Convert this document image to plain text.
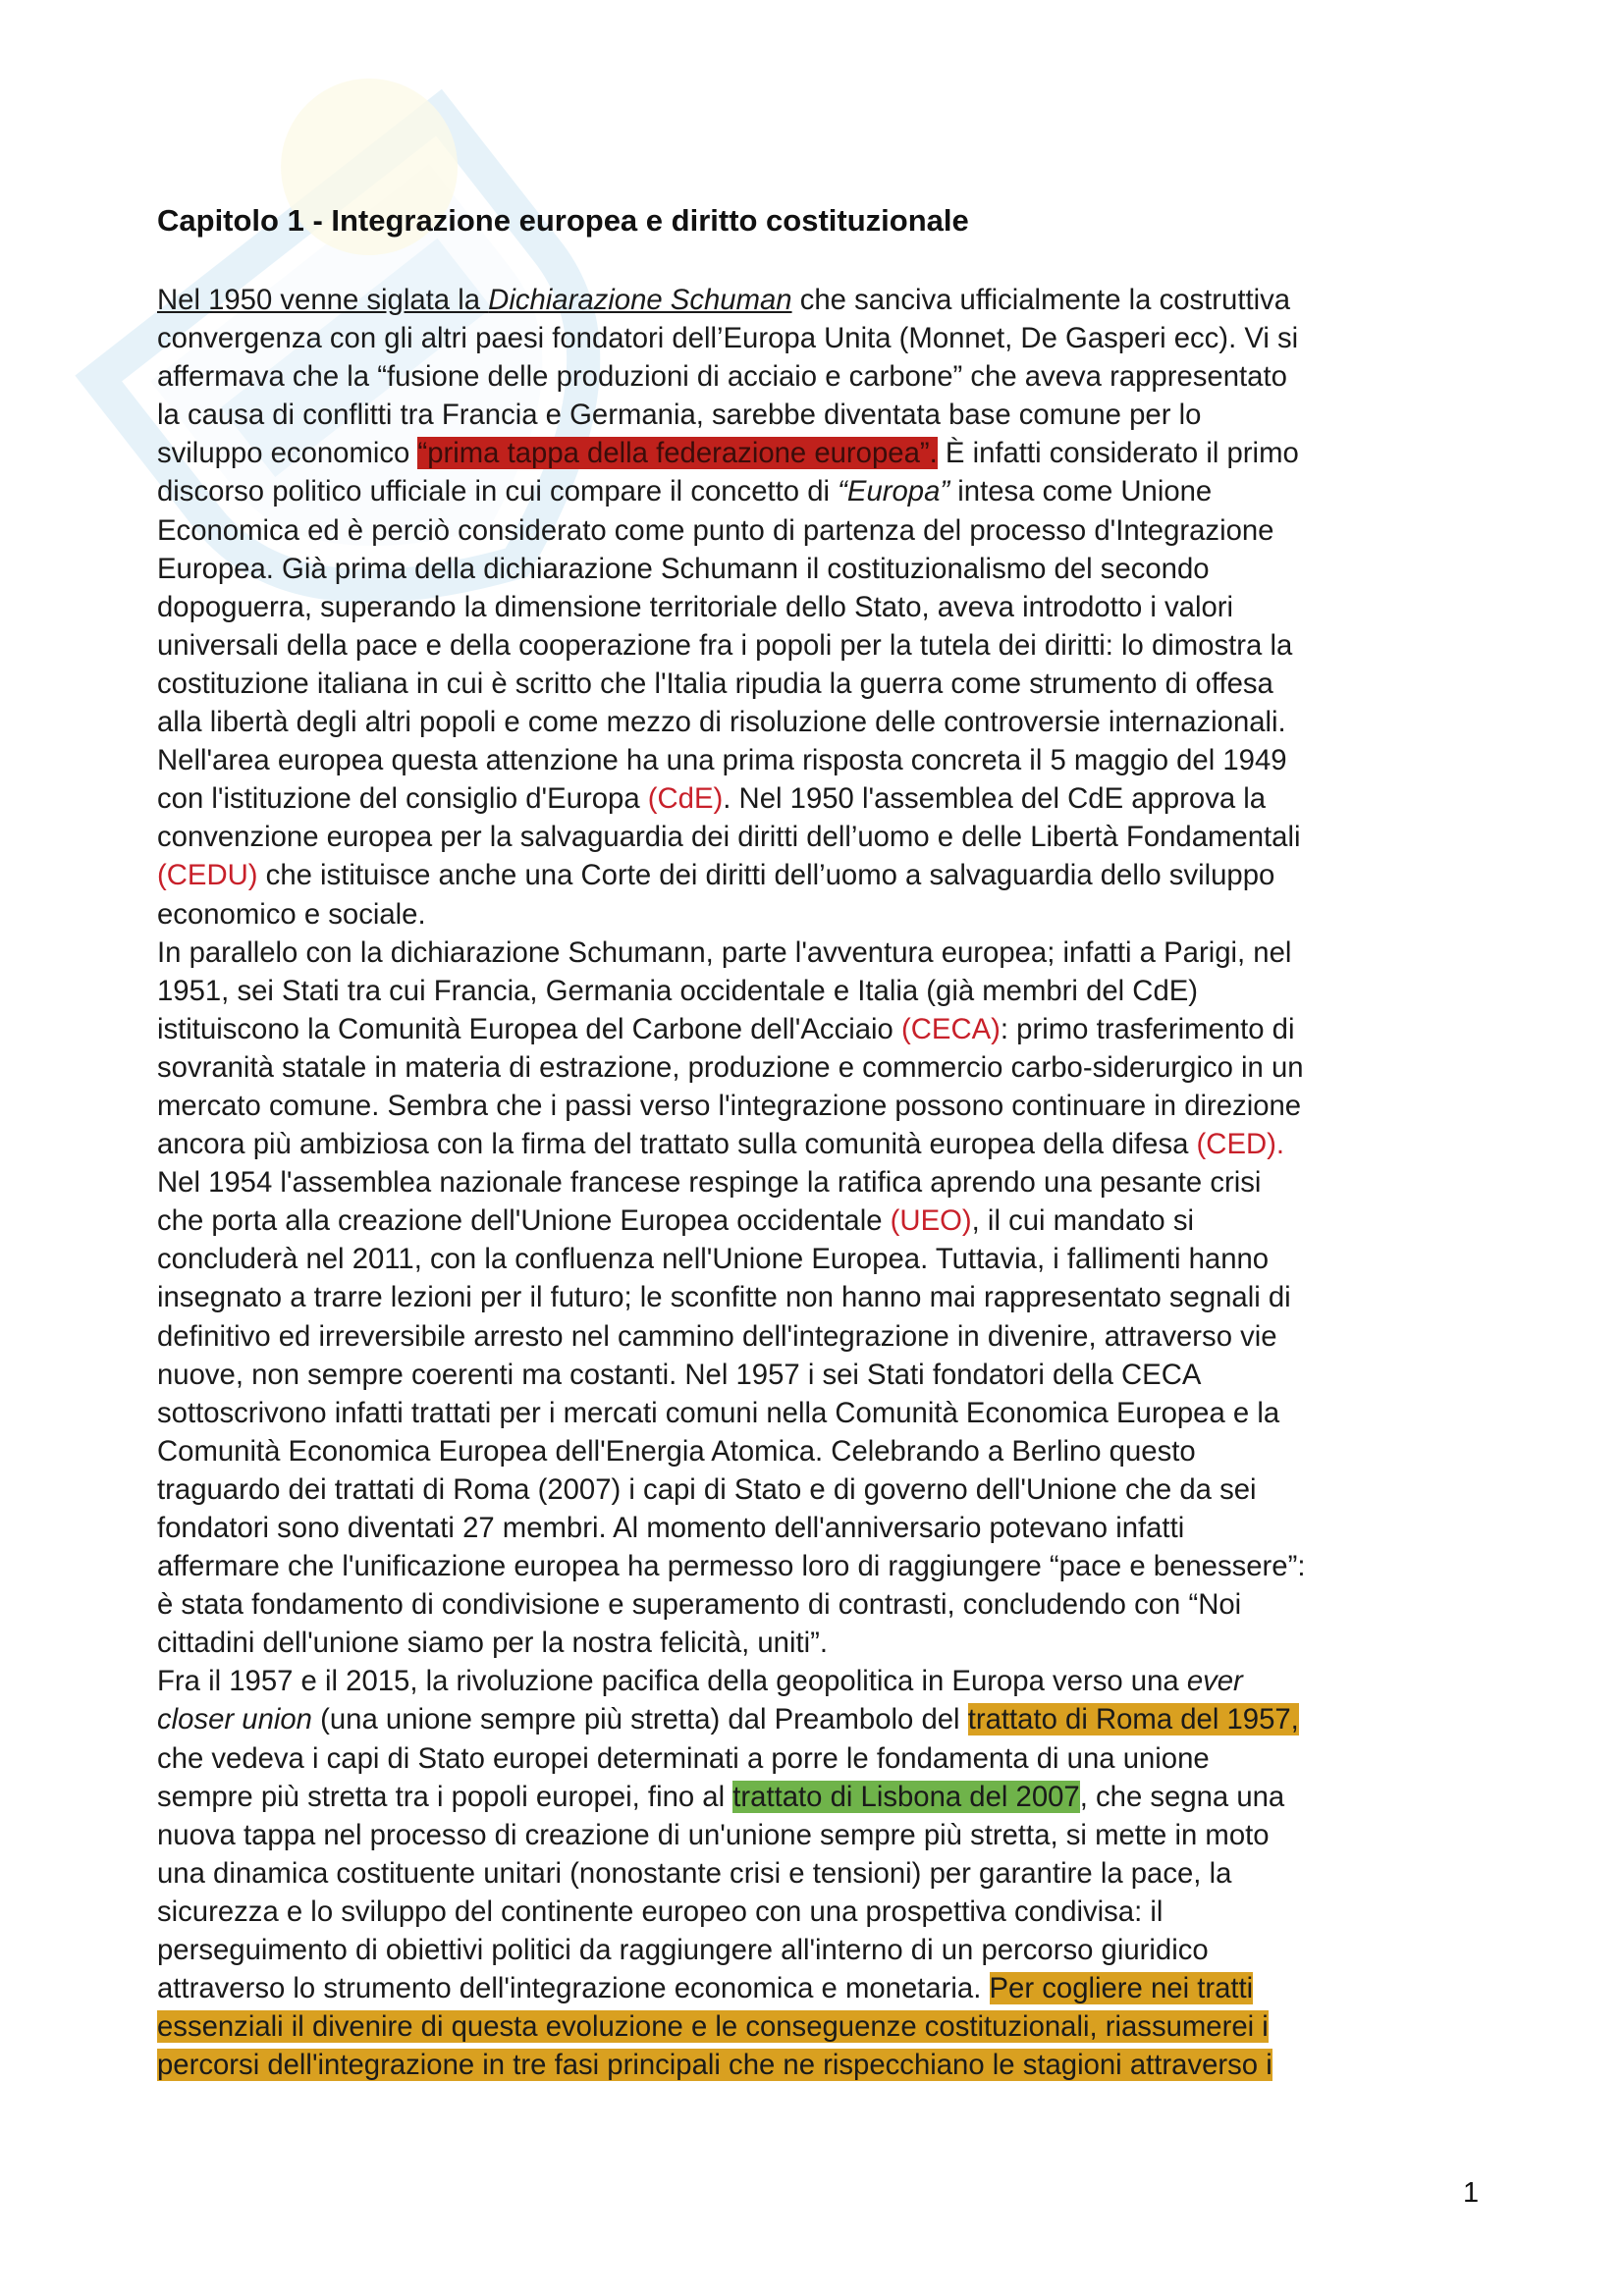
Capitolo 1 - Integrazione europea e diritto costituzionale
Nel 1950 venne siglata la Dichiarazione Schuman che sanciva ufficialmente la costruttiva
convergenza con gli altri paesi fondatori dell’Europa Unita (Monnet, De Gasperi ecc). Vi si
affermava che la “fusione delle produzioni di acciaio e carbone” che aveva rappresentato
la causa di conflitti tra Francia e Germania, sarebbe diventata base comune per lo
sviluppo economico “prima tappa della federazione europea”. È infatti considerato il primo
discorso politico ufficiale in cui compare il concetto di “Europa” intesa come Unione
Economica ed è perciò considerato come punto di partenza del processo d'Integrazione
Europea. Già prima della dichiarazione Schumann il costituzionalismo del secondo
dopoguerra, superando la dimensione territoriale dello Stato, aveva introdotto i valori
universali della pace e della cooperazione fra i popoli per la tutela dei diritti: lo dimostra la
costituzione italiana in cui è scritto che l'Italia ripudia la guerra come strumento di offesa
alla libertà degli altri popoli e come mezzo di risoluzione delle controversie internazionali.
Nell'area europea questa attenzione ha una prima risposta concreta il 5 maggio del 1949
con l'istituzione del consiglio d'Europa (CdE). Nel 1950 l'assemblea del CdE approva la
convenzione europea per la salvaguardia dei diritti dell’uomo e delle Libertà Fondamentali
(CEDU) che istituisce anche una Corte dei diritti dell’uomo a salvaguardia dello sviluppo
economico e sociale.
In parallelo con la dichiarazione Schumann, parte l'avventura europea; infatti a Parigi, nel
1951, sei Stati tra cui Francia, Germania occidentale e Italia (già membri del CdE)
istituiscono la Comunità Europea del Carbone dell'Acciaio (CECA): primo trasferimento di
sovranità statale in materia di estrazione, produzione e commercio carbo-siderurgico in un
mercato comune. Sembra che i passi verso l'integrazione possono continuare in direzione
ancora più ambiziosa con la firma del trattato sulla comunità europea della difesa (CED).
Nel 1954 l'assemblea nazionale francese respinge la ratifica aprendo una pesante crisi
che porta alla creazione dell'Unione Europea occidentale (UEO), il cui mandato si
concluderà nel 2011, con la confluenza nell'Unione Europea. Tuttavia, i fallimenti hanno
insegnato a trarre lezioni per il futuro; le sconfitte non hanno mai rappresentato segnali di
definitivo ed irreversibile arresto nel cammino dell'integrazione in divenire, attraverso vie
nuove, non sempre coerenti ma costanti. Nel 1957 i sei Stati fondatori della CECA
sottoscrivono infatti trattati per i mercati comuni nella Comunità Economica Europea e la
Comunità Economica Europea dell'Energia Atomica. Celebrando a Berlino questo
traguardo dei trattati di Roma (2007) i capi di Stato e di governo dell'Unione che da sei
fondatori sono diventati 27 membri. Al momento dell'anniversario potevano infatti
affermare che l'unificazione europea ha permesso loro di raggiungere “pace e benessere”:
è stata fondamento di condivisione e superamento di contrasti, concludendo con “Noi
cittadini dell'unione siamo per la nostra felicità, uniti”.
Fra il 1957 e il 2015, la rivoluzione pacifica della geopolitica in Europa verso una ever
closer union (una unione sempre più stretta) dal Preambolo del trattato di Roma del 1957,
che vedeva i capi di Stato europei determinati a porre le fondamenta di una unione
sempre più stretta tra i popoli europei, fino al trattato di Lisbona del 2007, che segna una
nuova tappa nel processo di creazione di un'unione sempre più stretta, si mette in moto
una dinamica costituente unitari (nonostante crisi e tensioni) per garantire la pace, la
sicurezza e lo sviluppo del continente europeo con una prospettiva condivisa: il
perseguimento di obiettivi politici da raggiungere all'interno di un percorso giuridico
attraverso lo strumento dell'integrazione economica e monetaria. Per cogliere nei tratti
essenziali il divenire di questa evoluzione e le conseguenze costituzionali, riassumerei i
percorsi dell'integrazione in tre fasi principali che ne rispecchiano le stagioni attraverso i
1
